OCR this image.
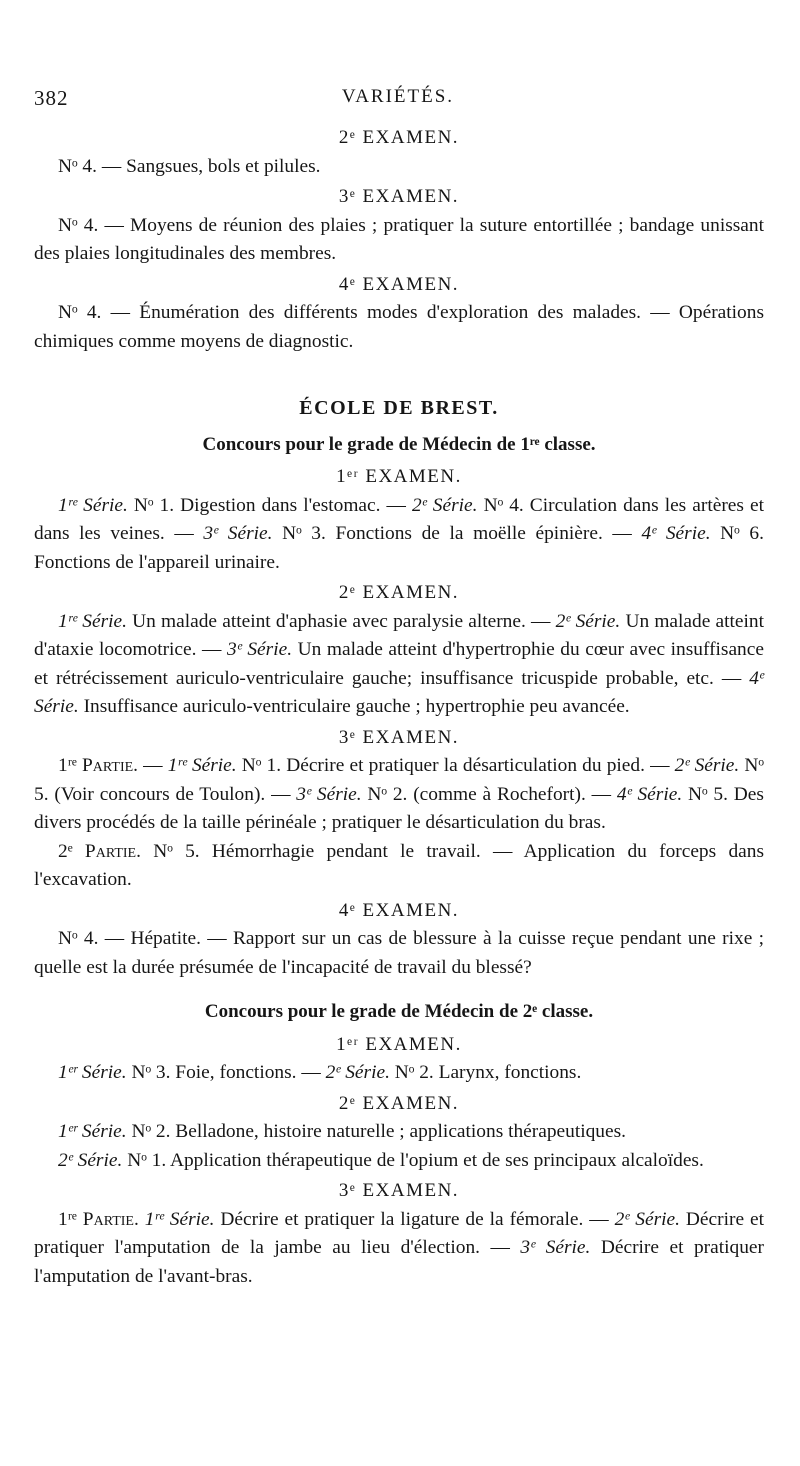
382	VARIÉTÉS.
2ᵉ EXAMEN.

Nᵒ 4. — Sangsues, bols et pilules.

3ᵉ EXAMEN.

Nᵒ 4. — Moyens de réunion des plaies ; pratiquer la suture entortillée ; bandage unissant des plaies longitudinales des membres.

4ᵉ EXAMEN.

Nᵒ 4. — Énumération des différents modes d'exploration des malades. — Opérations chimiques comme moyens de diagnostic.

ÉCOLE DE BREST.
Concours pour le grade de Médecin de 1ʳᵉ classe.
1ᵉʳ EXAMEN.

1ʳᵉ Série. Nᵒ 1. Digestion dans l'estomac. — 2ᵉ Série. Nᵒ 4. Circulation dans les artères et dans les veines. — 3ᵉ Série. Nᵒ 3. Fonctions de la moëlle épinière. — 4ᵉ Série. Nᵒ 6. Fonctions de l'appareil urinaire.

2ᵉ EXAMEN.

1ʳᵉ Série. Un malade atteint d'aphasie avec paralysie alterne. — 2ᵉ Série. Un malade atteint d'ataxie locomotrice. — 3ᵉ Série. Un malade atteint d'hypertrophie du cœur avec insuffisance et rétrécissement auriculo-ventriculaire gauche; insuffisance tricuspide probable, etc. — 4ᵉ Série. Insuffisance auriculo-ventriculaire gauche ; hypertrophie peu avancée.

3ᵉ EXAMEN.

1ʳᵉ Partie. — 1ʳᵉ Série. Nᵒ 1. Décrire et pratiquer la désarticulation du pied. — 2ᵉ Série. Nᵒ 5. (Voir concours de Toulon). — 3ᵉ Série. Nᵒ 2. (comme à Rochefort). — 4ᵉ Série. Nᵒ 5. Des divers procédés de la taille périnéale ; pratiquer le désarticulation du bras.

2ᵉ Partie. Nᵒ 5. Hémorrhagie pendant le travail. — Application du forceps dans l'excavation.

4ᵉ EXAMEN.

Nᵒ 4. — Hépatite. — Rapport sur un cas de blessure à la cuisse reçue pendant une rixe ; quelle est la durée présumée de l'incapacité de travail du blessé?

Concours pour le grade de Médecin de 2ᵉ classe.
1ᵉʳ EXAMEN.

1ᵉʳ Série. Nᵒ 3. Foie, fonctions. — 2ᵉ Série. Nᵒ 2. Larynx, fonctions.

2ᵉ EXAMEN.

1ᵉʳ Série. Nᵒ 2. Belladone, histoire naturelle ; applications thérapeutiques.

2ᵉ Série. Nᵒ 1. Application thérapeutique de l'opium et de ses principaux alcaloïdes.

3ᵉ EXAMEN.

1ʳᵉ Partie. 1ʳᵉ Série. Décrire et pratiquer la ligature de la fémorale. — 2ᵉ Série. Décrire et pratiquer l'amputation de la jambe au lieu d'élection. — 3ᵉ Série. Décrire et pratiquer l'amputation de l'avant-bras.
